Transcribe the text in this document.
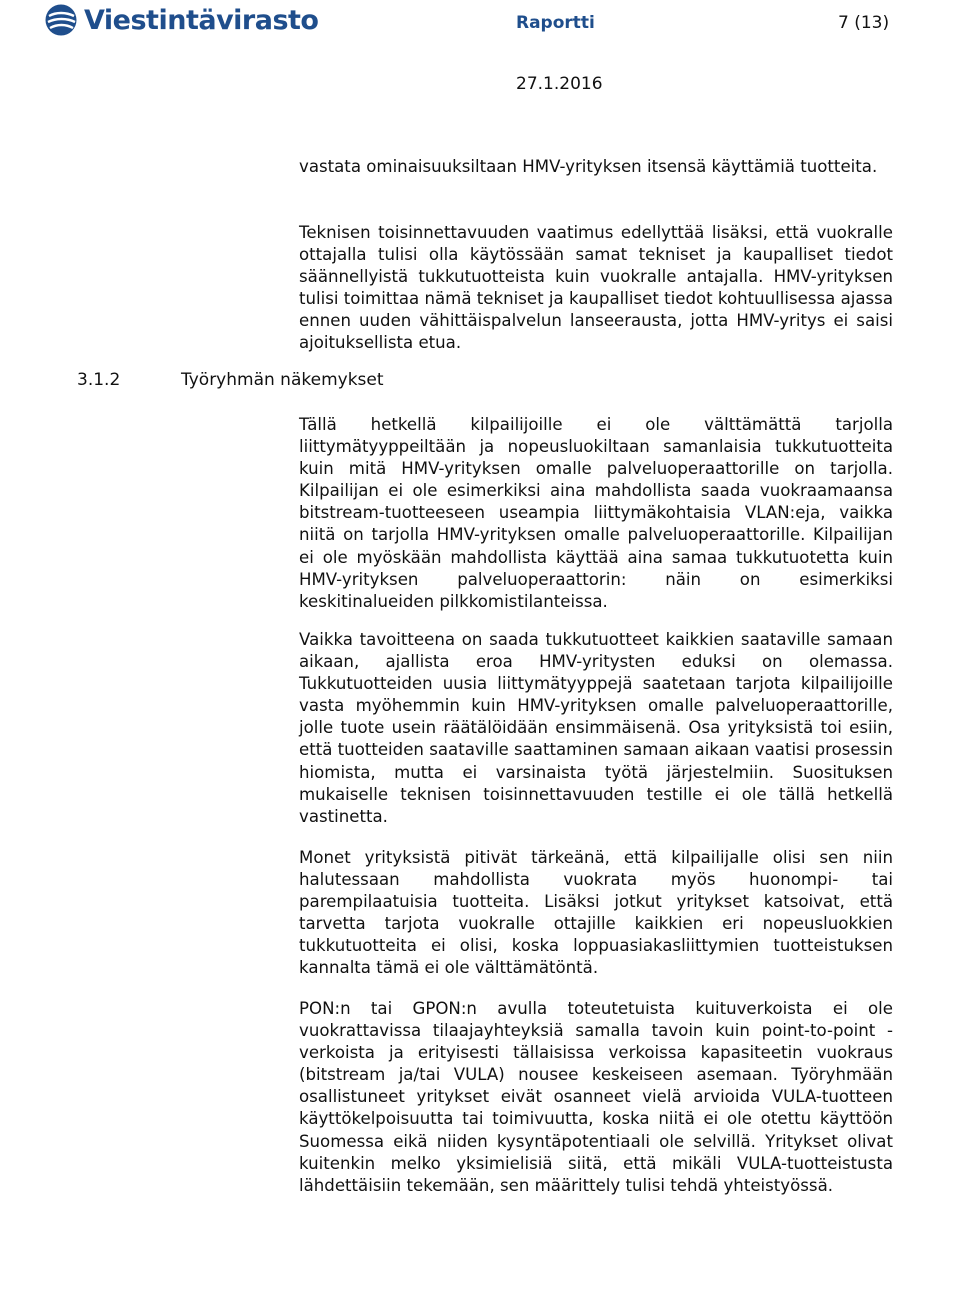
Viestintävirasto	Raportti	7 (13)
27.1.2016

vastata ominaisuuksiltaan HMV-yrityksen itsensä käyttämiä tuotteita.

Teknisen toisinnettavuuden vaatimus edellyttää lisäksi, että vuokralle ottajalla tulisi olla käytössään samat tekniset ja kaupalliset tiedot säännellyistä tukkutuotteista kuin vuokralle antajalla. HMV-yrityksen tulisi toimittaa nämä tekniset ja kaupalliset tiedot kohtuullisessa ajassa ennen uuden vähittäispalvelun lanseerausta, jotta HMV-yritys ei saisi ajoituksellista etua.

3.1.2	Työryhmän näkemykset

Tällä hetkellä kilpailijoille ei ole välttämättä tarjolla liittymätyyppeiltään ja nopeusluokiltaan samanlaisia tukkutuotteita kuin mitä HMV-yrityksen omalle palveluoperaattorille on tarjolla. Kilpailijan ei ole esimerkiksi aina mahdollista saada vuokraamaansa bitstream-tuotteeseen useampia liittymäkohtaisia VLAN:eja, vaikka niitä on tarjolla HMV-yrityksen omalle palveluoperaattorille. Kilpailijan ei ole myöskään mahdollista käyttää aina samaa tukkutuotetta kuin HMV-yrityksen palveluoperaattorin: näin on esimerkiksi keskitinalueiden pilkkomistilanteissa.

Vaikka tavoitteena on saada tukkutuotteet kaikkien saataville samaan aikaan, ajallista eroa HMV-yritysten eduksi on olemassa. Tukkutuotteiden uusia liittymätyyppejä saatetaan tarjota kilpailijoille vasta myöhemmin kuin HMV-yrityksen omalle palveluoperaattorille, jolle tuote usein räätälöidään ensimmäisenä. Osa yrityksistä toi esiin, että tuotteiden saataville saattaminen samaan aikaan vaatisi prosessin hiomista, mutta ei varsinaista työtä järjestelmiin. Suosituksen mukaiselle teknisen toisinnettavuuden testille ei ole tällä hetkellä vastinetta.

Monet yrityksistä pitivät tärkeänä, että kilpailijalle olisi sen niin halutessaan mahdollista vuokrata myös huonompi- tai parempilaatuisia tuotteita. Lisäksi jotkut yritykset katsoivat, että tarvetta tarjota vuokralle ottajille kaikkien eri nopeusluokkien tukkutuotteita ei olisi, koska loppuasiakasliittymien tuotteistuksen kannalta tämä ei ole välttämätöntä.

PON:n tai GPON:n avulla toteutetuista kuituverkoista ei ole vuokrattavissa tilaajayhteyksiä samalla tavoin kuin point-to-point -verkoista ja erityisesti tällaisissa verkoissa kapasiteetin vuokraus (bitstream ja/tai VULA) nousee keskeiseen asemaan. Työryhmään osallistuneet yritykset eivät osanneet vielä arvioida VULA-tuotteen käyttökelpoisuutta tai toimivuutta, koska niitä ei ole otettu käyttöön Suomessa eikä niiden kysyntäpotentiaali ole selvillä. Yritykset olivat kuitenkin melko yksimielisiä siitä, että mikäli VULA-tuotteistusta lähdettäisiin tekemään, sen määrittely tulisi tehdä yhteistyössä.
